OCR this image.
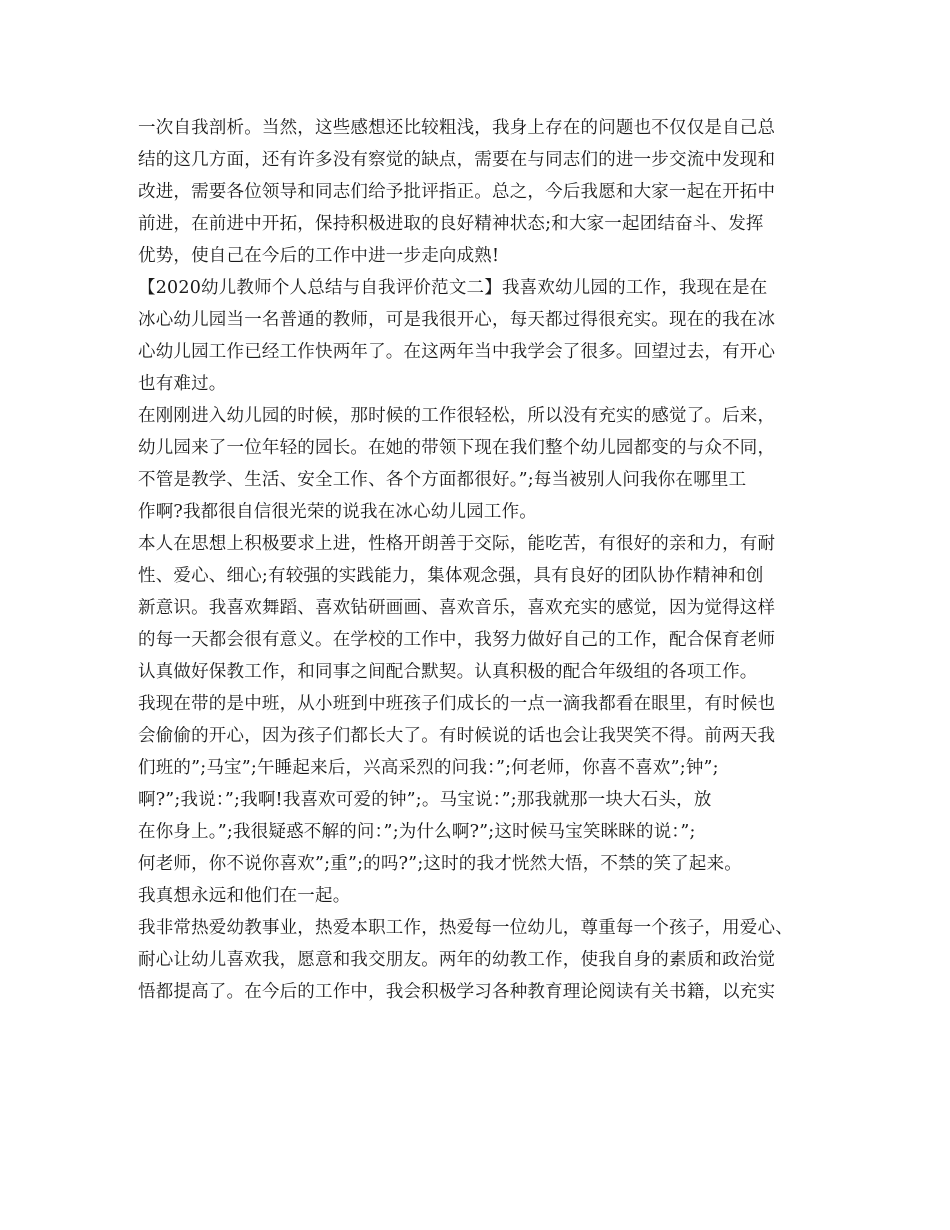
一次自我剖析。当然，这些感想还比较粗浅，我身上存在的问题也不仅仅是自己总
结的这几方面，还有许多没有察觉的缺点，需要在与同志们的进一步交流中发现和
改进，需要各位领导和同志们给予批评指正。总之，今后我愿和大家一起在开拓中
前进，在前进中开拓，保持积极进取的良好精神状态;和大家一起团结奋斗、发挥
优势，使自己在今后的工作中进一步走向成熟!
【2020幼儿教师个人总结与自我评价范文二】我喜欢幼儿园的工作，我现在是在
冰心幼儿园当一名普通的教师，可是我很开心，每天都过得很充实。现在的我在冰
心幼儿园工作已经工作快两年了。在这两年当中我学会了很多。回望过去，有开心
也有难过。
在刚刚进入幼儿园的时候，那时候的工作很轻松，所以没有充实的感觉了。后来，
幼儿园来了一位年轻的园长。在她的带领下现在我们整个幼儿园都变的与众不同，
不管是教学、生活、安全工作、各个方面都很好。”;每当被别人问我你在哪里工
作啊?我都很自信很光荣的说我在冰心幼儿园工作。
本人在思想上积极要求上进，性格开朗善于交际，能吃苦，有很好的亲和力，有耐
性、爱心、细心;有较强的实践能力，集体观念强，具有良好的团队协作精神和创
新意识。我喜欢舞蹈、喜欢钻研画画、喜欢音乐，喜欢充实的感觉，因为觉得这样
的每一天都会很有意义。在学校的工作中，我努力做好自己的工作，配合保育老师
认真做好保教工作，和同事之间配合默契。认真积极的配合年级组的各项工作。
我现在带的是中班，从小班到中班孩子们成长的一点一滴我都看在眼里，有时候也
会偷偷的开心，因为孩子们都长大了。有时候说的话也会让我哭笑不得。前两天我
们班的”;马宝”;午睡起来后，兴高采烈的问我：”;何老师，你喜不喜欢”;钟”;
啊?”;我说：”;我啊!我喜欢可爱的钟”;。马宝说：”;那我就那一块大石头，放
在你身上。”;我很疑惑不解的问：”;为什么啊?”;这时候马宝笑眯眯的说：”;
何老师，你不说你喜欢”;重”;的吗?”;这时的我才恍然大悟，不禁的笑了起来。
我真想永远和他们在一起。
我非常热爱幼教事业，热爱本职工作，热爱每一位幼儿，尊重每一个孩子，用爱心、
耐心让幼儿喜欢我，愿意和我交朋友。两年的幼教工作，使我自身的素质和政治觉
悟都提高了。在今后的工作中，我会积极学习各种教育理论阅读有关书籍，以充实
